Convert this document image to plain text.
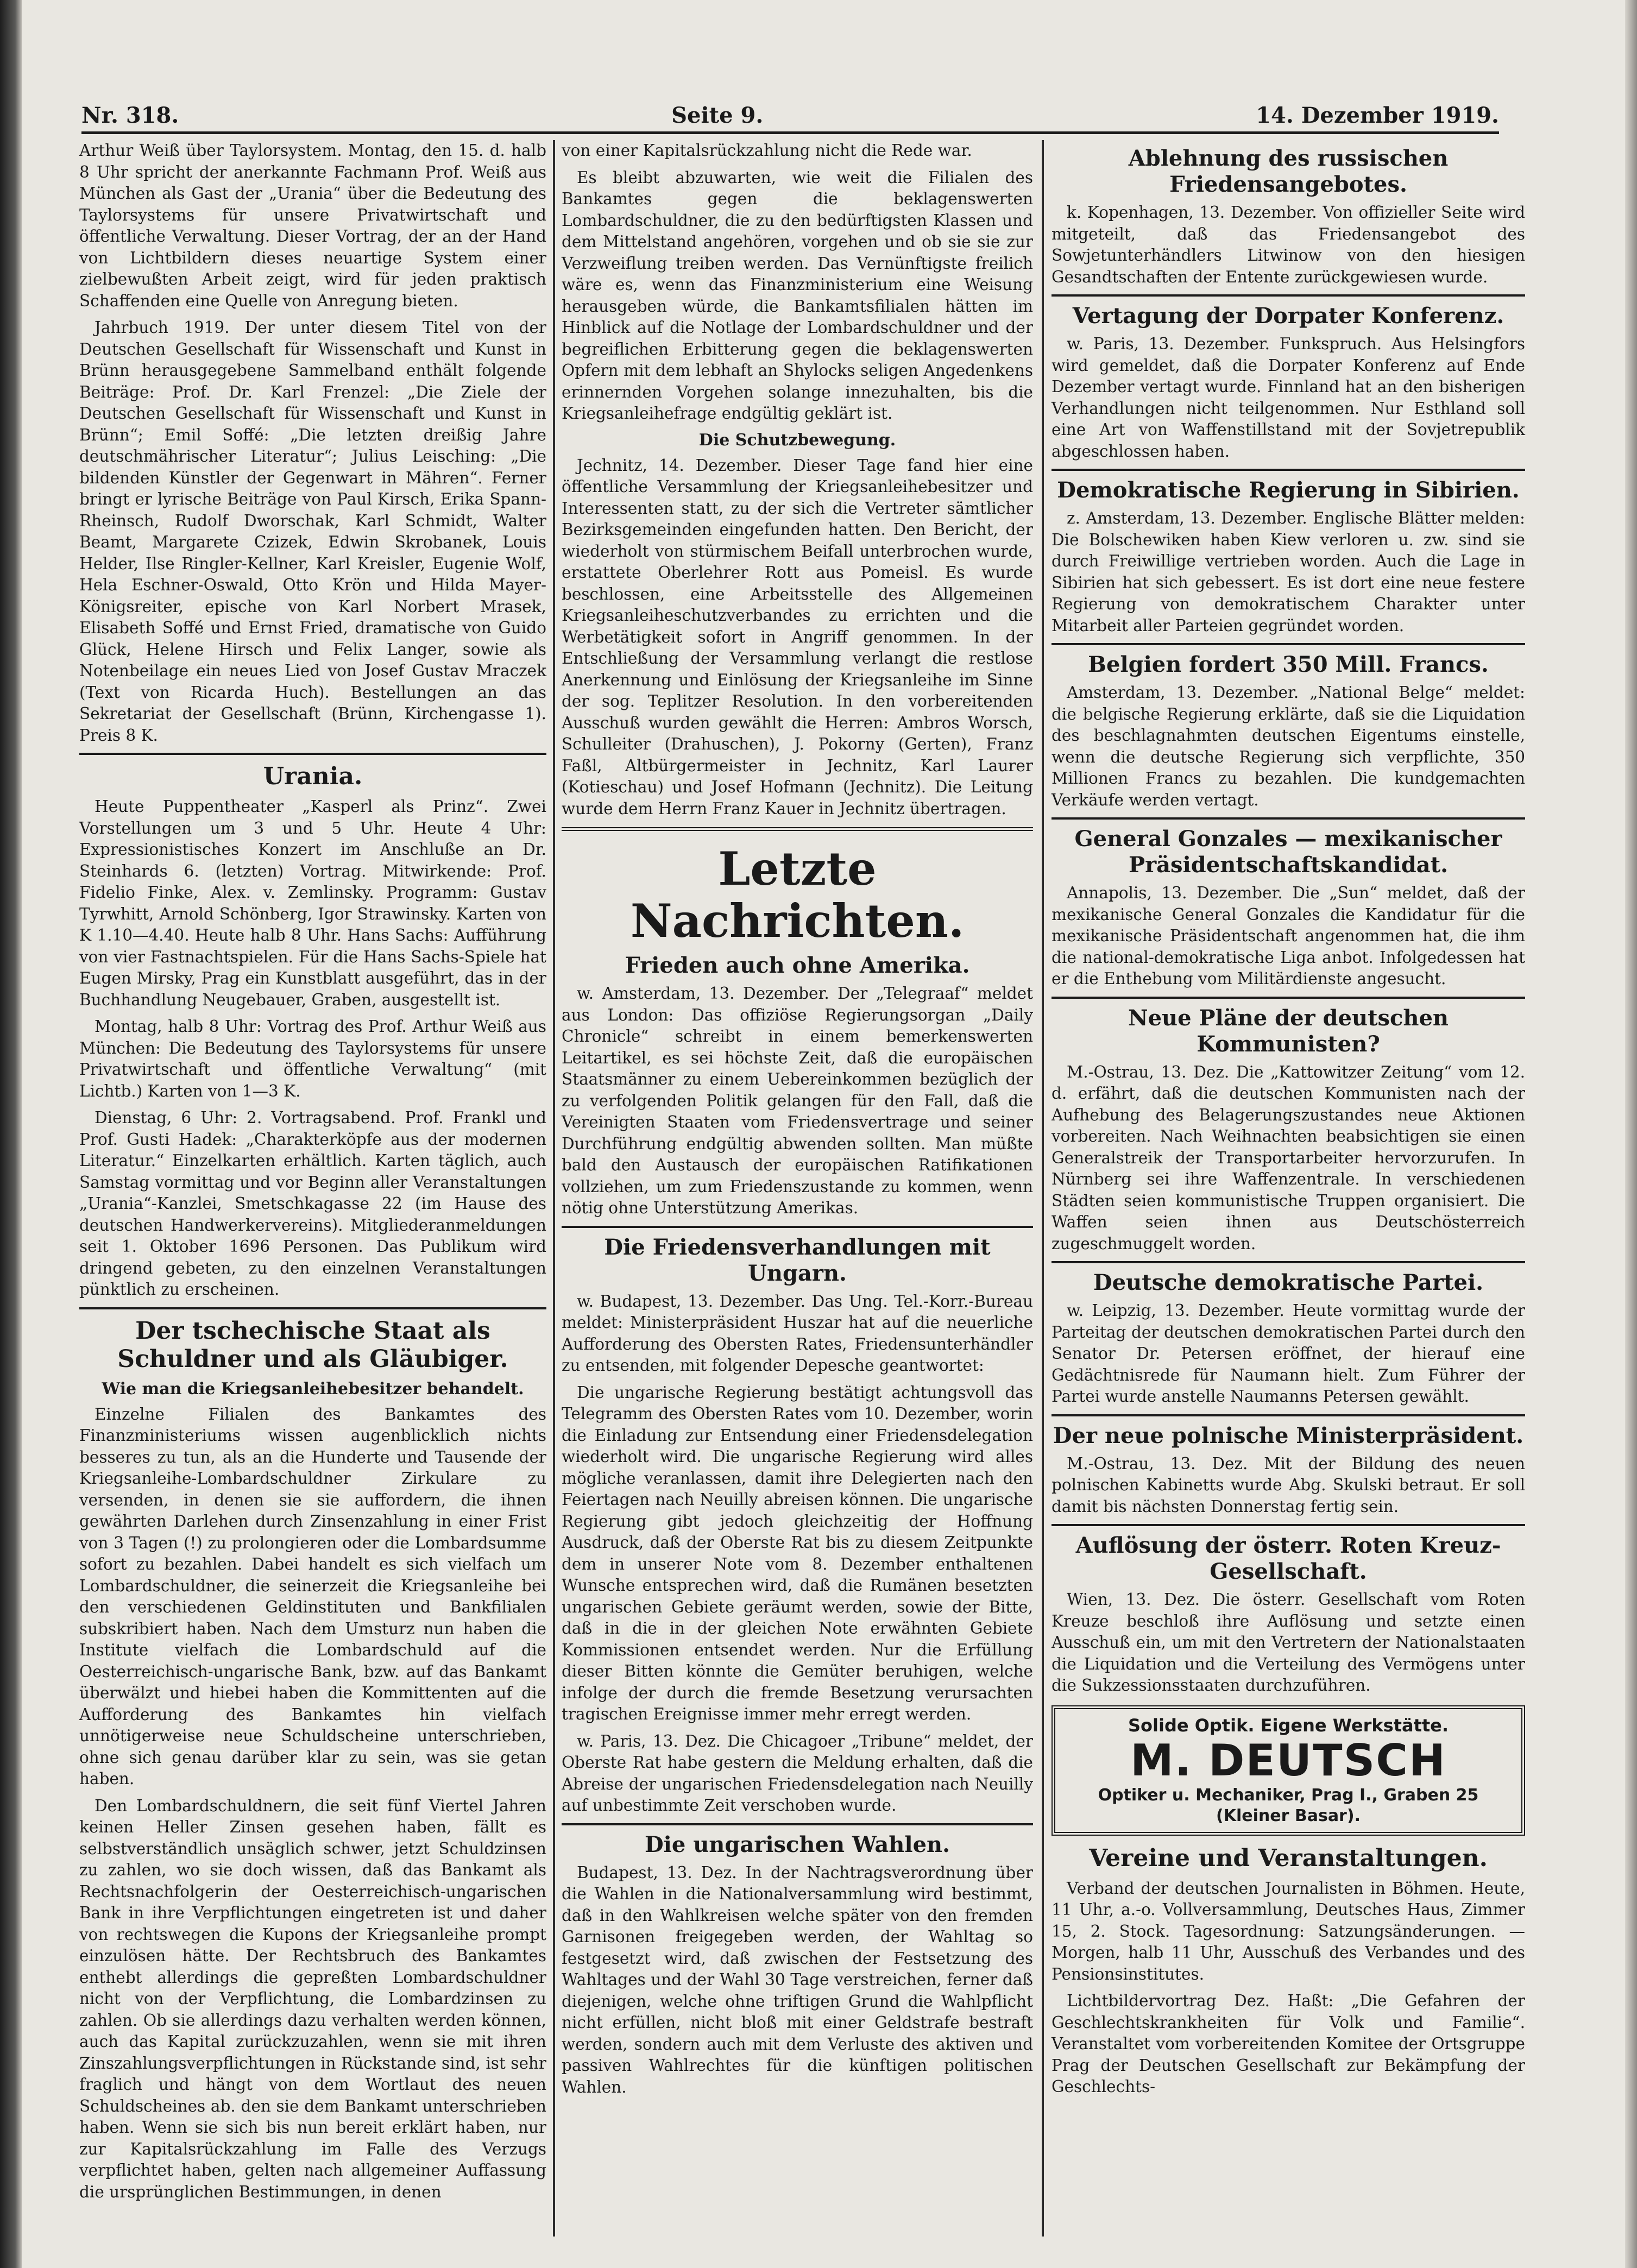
Nr. 318.	Seite 9.	14. Dezember 1919.

Arthur Weiß über Taylorsystem. Montag, den 15. d. halb 8 Uhr spricht der anerkannte Fachmann Prof. Weiß aus München als Gast der „Urania“ über die Bedeutung des Taylorsystems für unsere Privatwirtschaft und öffentliche Verwaltung. Dieser Vortrag, der an der Hand von Lichtbildern dieses neuartige System einer zielbewußten Arbeit zeigt, wird für jeden praktisch Schaffenden eine Quelle von Anregung bieten.

Jahrbuch 1919. Der unter diesem Titel von der Deutschen Gesellschaft für Wissenschaft und Kunst in Brünn herausgegebene Sammelband enthält folgende Beiträge: Prof. Dr. Karl Frenzel: „Die Ziele der Deutschen Gesellschaft für Wissenschaft und Kunst in Brünn“; Emil Soffé: „Die letzten dreißig Jahre deutschmährischer Literatur“; Julius Leisching: „Die bildenden Künstler der Gegenwart in Mähren“. Ferner bringt er lyrische Beiträge von Paul Kirsch, Erika Spann-Rheinsch, Rudolf Dworschak, Karl Schmidt, Walter Beamt, Margarete Czizek, Edwin Skrobanek, Louis Helder, Ilse Ringler-Kellner, Karl Kreisler, Eugenie Wolf, Hela Eschner-Oswald, Otto Krön und Hilda Mayer-Königsreiter, epische von Karl Norbert Mrasek, Elisabeth Soffé und Ernst Fried, dramatische von Guido Glück, Helene Hirsch und Felix Langer, sowie als Notenbeilage ein neues Lied von Josef Gustav Mraczek (Text von Ricarda Huch). Bestellungen an das Sekretariat der Gesellschaft (Brünn, Kirchengasse 1). Preis 8 K.

Urania.

Heute Puppentheater „Kasperl als Prinz“. Zwei Vorstellungen um 3 und 5 Uhr. Heute 4 Uhr: Expressionistisches Konzert im Anschluße an Dr. Steinhards 6. (letzten) Vortrag. Mitwirkende: Prof. Fidelio Finke, Alex. v. Zemlinsky. Programm: Gustav Tyrwhitt, Arnold Schönberg, Igor Strawinsky. Karten von K 1.10—4.40. Heute halb 8 Uhr. Hans Sachs: Aufführung von vier Fastnachtspielen. Für die Hans Sachs-Spiele hat Eugen Mirsky, Prag ein Kunstblatt ausgeführt, das in der Buchhandlung Neugebauer, Graben, ausgestellt ist.

Montag, halb 8 Uhr: Vortrag des Prof. Arthur Weiß aus München: Die Bedeutung des Taylorsystems für unsere Privatwirtschaft und öffentliche Verwaltung“ (mit Lichtb.) Karten von 1—3 K.

Dienstag, 6 Uhr: 2. Vortragsabend. Prof. Frankl und Prof. Gusti Hadek: „Charakterköpfe aus der modernen Literatur.“ Einzelkarten erhältlich. Karten täglich, auch Samstag vormittag und vor Beginn aller Veranstaltungen „Urania“-Kanzlei, Smetschkagasse 22 (im Hause des deutschen Handwerkervereins). Mitgliederanmeldungen seit 1. Oktober 1696 Personen. Das Publikum wird dringend gebeten, zu den einzelnen Veranstaltungen pünktlich zu erscheinen.

Der tschechische Staat als Schuldner und als Gläubiger.
Wie man die Kriegsanleihebesitzer behandelt.

Einzelne Filialen des Bankamtes des Finanzministeriums wissen augenblicklich nichts besseres zu tun, als an die Hunderte und Tausende der Kriegsanleihe-Lombardschuldner Zirkulare zu versenden, in denen sie sie auffordern, die ihnen gewährten Darlehen durch Zinsenzahlung in einer Frist von 3 Tagen (!) zu prolongieren oder die Lombardsumme sofort zu bezahlen. Dabei handelt es sich vielfach um Lombardschuldner, die seinerzeit die Kriegsanleihe bei den verschiedenen Geldinstituten und Bankfilialen subskribiert haben. Nach dem Umsturz nun haben die Institute vielfach die Lombardschuld auf die Oesterreichisch-ungarische Bank, bzw. auf das Bankamt überwälzt und hiebei haben die Kommittenten auf die Aufforderung des Bankamtes hin vielfach unnötigerweise neue Schuldscheine unterschrieben, ohne sich genau darüber klar zu sein, was sie getan haben.

Den Lombardschuldnern, die seit fünf Viertel Jahren keinen Heller Zinsen gesehen haben, fällt es selbstverständlich unsäglich schwer, jetzt Schuldzinsen zu zahlen, wo sie doch wissen, daß das Bankamt als Rechtsnachfolgerin der Oesterreichisch-ungarischen Bank in ihre Verpflichtungen eingetreten ist und daher von rechtswegen die Kupons der Kriegsanleihe prompt einzulösen hätte. Der Rechtsbruch des Bankamtes enthebt allerdings die gepreßten Lombardschuldner nicht von der Verpflichtung, die Lombardzinsen zu zahlen. Ob sie allerdings dazu verhalten werden können, auch das Kapital zurückzuzahlen, wenn sie mit ihren Zinszahlungsverpflichtungen in Rückstande sind, ist sehr fraglich und hängt von dem Wortlaut des neuen Schuldscheines ab. den sie dem Bankamt unterschrieben haben. Wenn sie sich bis nun bereit erklärt haben, nur zur Kapitalsrückzahlung im Falle des Verzugs verpflichtet haben, gelten nach allgemeiner Auffassung die ursprünglichen Bestimmungen, in denen

von einer Kapitalsrückzahlung nicht die Rede war.

Es bleibt abzuwarten, wie weit die Filialen des Bankamtes gegen die beklagenswerten Lombardschuldner, die zu den bedürftigsten Klassen und dem Mittelstand angehören, vorgehen und ob sie sie zur Verzweiflung treiben werden. Das Vernünftigste freilich wäre es, wenn das Finanzministerium eine Weisung herausgeben würde, die Bankamtsfilialen hätten im Hinblick auf die Notlage der Lombardschuldner und der begreiflichen Erbitterung gegen die beklagenswerten Opfern mit dem lebhaft an Shylocks seligen Angedenkens erinnernden Vorgehen solange innezuhalten, bis die Kriegsanleihefrage endgültig geklärt ist.

Die Schutzbewegung.

Jechnitz, 14. Dezember. Dieser Tage fand hier eine öffentliche Versammlung der Kriegsanleihebesitzer und Interessenten statt, zu der sich die Vertreter sämtlicher Bezirksgemeinden eingefunden hatten. Den Bericht, der wiederholt von stürmischem Beifall unterbrochen wurde, erstattete Oberlehrer Rott aus Pomeisl. Es wurde beschlossen, eine Arbeitsstelle des Allgemeinen Kriegsanleiheschutzverbandes zu errichten und die Werbetätigkeit sofort in Angriff genommen. In der Entschließung der Versammlung verlangt die restlose Anerkennung und Einlösung der Kriegsanleihe im Sinne der sog. Teplitzer Resolution. In den vorbereitenden Ausschuß wurden gewählt die Herren: Ambros Worsch, Schulleiter (Drahuschen), J. Pokorny (Gerten), Franz Faßl, Altbürgermeister in Jechnitz, Karl Laurer (Kotieschau) und Josef Hofmann (Jechnitz). Die Leitung wurde dem Herrn Franz Kauer in Jechnitz übertragen.

Letzte Nachrichten.
Frieden auch ohne Amerika.

w. Amsterdam, 13. Dezember. Der „Telegraaf“ meldet aus London: Das offiziöse Regierungsorgan „Daily Chronicle“ schreibt in einem bemerkenswerten Leitartikel, es sei höchste Zeit, daß die europäischen Staatsmänner zu einem Uebereinkommen bezüglich der zu verfolgenden Politik gelangen für den Fall, daß die Vereinigten Staaten vom Friedensvertrage und seiner Durchführung endgültig abwenden sollten. Man müßte bald den Austausch der europäischen Ratifikationen vollziehen, um zum Friedenszustande zu kommen, wenn nötig ohne Unterstützung Amerikas.

Die Friedensverhandlungen mit Ungarn.

w. Budapest, 13. Dezember. Das Ung. Tel.-Korr.-Bureau meldet: Ministerpräsident Huszar hat auf die neuerliche Aufforderung des Obersten Rates, Friedensunterhändler zu entsenden, mit folgender Depesche geantwortet:

Die ungarische Regierung bestätigt achtungsvoll das Telegramm des Obersten Rates vom 10. Dezember, worin die Einladung zur Entsendung einer Friedensdelegation wiederholt wird. Die ungarische Regierung wird alles mögliche veranlassen, damit ihre Delegierten nach den Feiertagen nach Neuilly abreisen können. Die ungarische Regierung gibt jedoch gleichzeitig der Hoffnung Ausdruck, daß der Oberste Rat bis zu diesem Zeitpunkte dem in unserer Note vom 8. Dezember enthaltenen Wunsche entsprechen wird, daß die Rumänen besetzten ungarischen Gebiete geräumt werden, sowie der Bitte, daß in die in der gleichen Note erwähnten Gebiete Kommissionen entsendet werden. Nur die Erfüllung dieser Bitten könnte die Gemüter beruhigen, welche infolge der durch die fremde Besetzung verursachten tragischen Ereignisse immer mehr erregt werden.

w. Paris, 13. Dez. Die Chicagoer „Tribune“ meldet, der Oberste Rat habe gestern die Meldung erhalten, daß die Abreise der ungarischen Friedensdelegation nach Neuilly auf unbestimmte Zeit verschoben wurde.

Die ungarischen Wahlen.

Budapest, 13. Dez. In der Nachtragsverordnung über die Wahlen in die Nationalversammlung wird bestimmt, daß in den Wahlkreisen welche später von den fremden Garnisonen freigegeben werden, der Wahltag so festgesetzt wird, daß zwischen der Festsetzung des Wahltages und der Wahl 30 Tage verstreichen, ferner daß diejenigen, welche ohne triftigen Grund die Wahlpflicht nicht erfüllen, nicht bloß mit einer Geldstrafe bestraft werden, sondern auch mit dem Verluste des aktiven und passiven Wahlrechtes für die künftigen politischen Wahlen.

Ablehnung des russischen Friedensangebotes.

k. Kopenhagen, 13. Dezember. Von offizieller Seite wird mitgeteilt, daß das Friedensangebot des Sowjetunterhändlers Litwinow von den hiesigen Gesandtschaften der Entente zurückgewiesen wurde.

Vertagung der Dorpater Konferenz.

w. Paris, 13. Dezember. Funkspruch. Aus Helsingfors wird gemeldet, daß die Dorpater Konferenz auf Ende Dezember vertagt wurde. Finnland hat an den bisherigen Verhandlungen nicht teilgenommen. Nur Esthland soll eine Art von Waffenstillstand mit der Sovjetrepublik abgeschlossen haben.

Demokratische Regierung in Sibirien.

z. Amsterdam, 13. Dezember. Englische Blätter melden: Die Bolschewiken haben Kiew verloren u. zw. sind sie durch Freiwillige vertrieben worden. Auch die Lage in Sibirien hat sich gebessert. Es ist dort eine neue festere Regierung von demokratischem Charakter unter Mitarbeit aller Parteien gegründet worden.

Belgien fordert 350 Mill. Francs.

Amsterdam, 13. Dezember. „National Belge“ meldet: die belgische Regierung erklärte, daß sie die Liquidation des beschlagnahmten deutschen Eigentums einstelle, wenn die deutsche Regierung sich verpflichte, 350 Millionen Francs zu bezahlen. Die kundgemachten Verkäufe werden vertagt.

General Gonzales — mexikanischer Präsidentschaftskandidat.

Annapolis, 13. Dezember. Die „Sun“ meldet, daß der mexikanische General Gonzales die Kandidatur für die mexikanische Präsidentschaft angenommen hat, die ihm die national-demokratische Liga anbot. Infolgedessen hat er die Enthebung vom Militärdienste angesucht.

Neue Pläne der deutschen Kommunisten?

M.-Ostrau, 13. Dez. Die „Kattowitzer Zeitung“ vom 12. d. erfährt, daß die deutschen Kommunisten nach der Aufhebung des Belagerungszustandes neue Aktionen vorbereiten. Nach Weihnachten beabsichtigen sie einen Generalstreik der Transportarbeiter hervorzurufen. In Nürnberg sei ihre Waffenzentrale. In verschiedenen Städten seien kommunistische Truppen organisiert. Die Waffen seien ihnen aus Deutschösterreich zugeschmuggelt worden.

Deutsche demokratische Partei.

w. Leipzig, 13. Dezember. Heute vormittag wurde der Parteitag der deutschen demokratischen Partei durch den Senator Dr. Petersen eröffnet, der hierauf eine Gedächtnisrede für Naumann hielt. Zum Führer der Partei wurde anstelle Naumanns Petersen gewählt.

Der neue polnische Ministerpräsident.

M.-Ostrau, 13. Dez. Mit der Bildung des neuen polnischen Kabinetts wurde Abg. Skulski betraut. Er soll damit bis nächsten Donnerstag fertig sein.

Auflösung der österr. Roten Kreuz-Gesellschaft.

Wien, 13. Dez. Die österr. Gesellschaft vom Roten Kreuze beschloß ihre Auflösung und setzte einen Ausschuß ein, um mit den Vertretern der Nationalstaaten die Liquidation und die Verteilung des Vermögens unter die Sukzessionsstaaten durchzuführen.

Solide Optik. Eigene Werkstätte.
M. DEUTSCH
Optiker u. Mechaniker, Prag I., Graben 25
(Kleiner Basar).
Vereine und Veranstaltungen.

Verband der deutschen Journalisten in Böhmen. Heute, 11 Uhr, a.-o. Vollversammlung, Deutsches Haus, Zimmer 15, 2. Stock. Tagesordnung: Satzungsänderungen. — Morgen, halb 11 Uhr, Ausschuß des Verbandes und des Pensionsinstitutes.

Lichtbildervortrag Dez. Haßt: „Die Gefahren der Geschlechtskrankheiten für Volk und Familie“. Veranstaltet vom vorbereitenden Komitee der Ortsgruppe Prag der Deutschen Gesellschaft zur Bekämpfung der Geschlechts-
